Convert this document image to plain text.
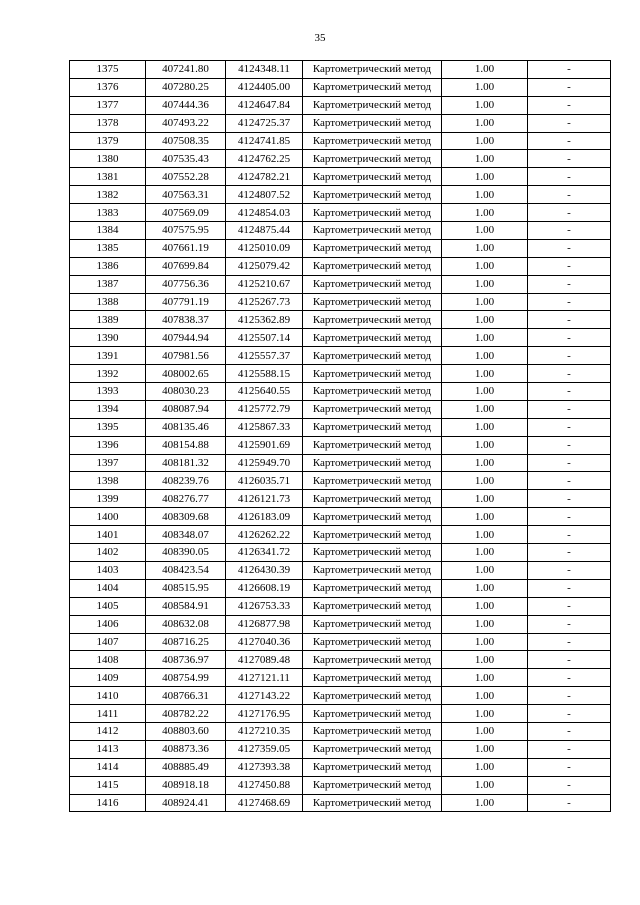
35
1375	407241.80	4124348.11	Картометрический метод	1.00	-
1376	407280.25	4124405.00	Картометрический метод	1.00	-
1377	407444.36	4124647.84	Картометрический метод	1.00	-
1378	407493.22	4124725.37	Картометрический метод	1.00	-
1379	407508.35	4124741.85	Картометрический метод	1.00	-
1380	407535.43	4124762.25	Картометрический метод	1.00	-
1381	407552.28	4124782.21	Картометрический метод	1.00	-
1382	407563.31	4124807.52	Картометрический метод	1.00	-
1383	407569.09	4124854.03	Картометрический метод	1.00	-
1384	407575.95	4124875.44	Картометрический метод	1.00	-
1385	407661.19	4125010.09	Картометрический метод	1.00	-
1386	407699.84	4125079.42	Картометрический метод	1.00	-
1387	407756.36	4125210.67	Картометрический метод	1.00	-
1388	407791.19	4125267.73	Картометрический метод	1.00	-
1389	407838.37	4125362.89	Картометрический метод	1.00	-
1390	407944.94	4125507.14	Картометрический метод	1.00	-
1391	407981.56	4125557.37	Картометрический метод	1.00	-
1392	408002.65	4125588.15	Картометрический метод	1.00	-
1393	408030.23	4125640.55	Картометрический метод	1.00	-
1394	408087.94	4125772.79	Картометрический метод	1.00	-
1395	408135.46	4125867.33	Картометрический метод	1.00	-
1396	408154.88	4125901.69	Картометрический метод	1.00	-
1397	408181.32	4125949.70	Картометрический метод	1.00	-
1398	408239.76	4126035.71	Картометрический метод	1.00	-
1399	408276.77	4126121.73	Картометрический метод	1.00	-
1400	408309.68	4126183.09	Картометрический метод	1.00	-
1401	408348.07	4126262.22	Картометрический метод	1.00	-
1402	408390.05	4126341.72	Картометрический метод	1.00	-
1403	408423.54	4126430.39	Картометрический метод	1.00	-
1404	408515.95	4126608.19	Картометрический метод	1.00	-
1405	408584.91	4126753.33	Картометрический метод	1.00	-
1406	408632.08	4126877.98	Картометрический метод	1.00	-
1407	408716.25	4127040.36	Картометрический метод	1.00	-
1408	408736.97	4127089.48	Картометрический метод	1.00	-
1409	408754.99	4127121.11	Картометрический метод	1.00	-
1410	408766.31	4127143.22	Картометрический метод	1.00	-
1411	408782.22	4127176.95	Картометрический метод	1.00	-
1412	408803.60	4127210.35	Картометрический метод	1.00	-
1413	408873.36	4127359.05	Картометрический метод	1.00	-
1414	408885.49	4127393.38	Картометрический метод	1.00	-
1415	408918.18	4127450.88	Картометрический метод	1.00	-
1416	408924.41	4127468.69	Картометрический метод	1.00	-
